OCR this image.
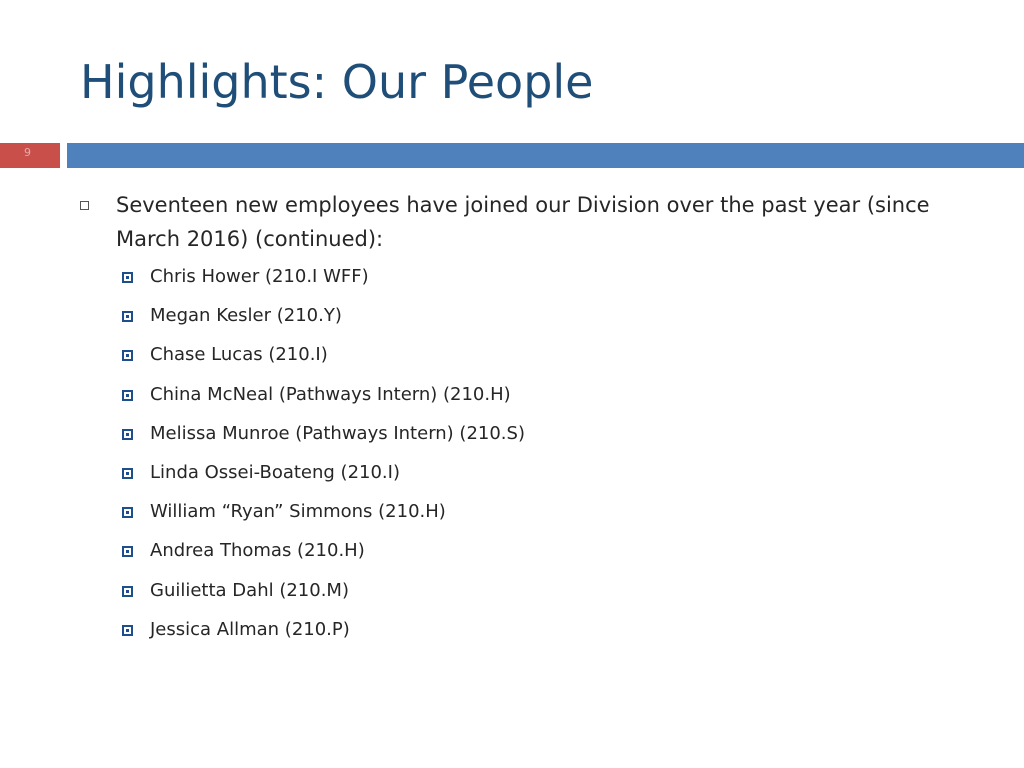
Highlights: Our People
9
Seventeen new employees have joined our Division over the past year (since March 2016) (continued):
Chris Hower (210.I WFF)
Megan Kesler (210.Y)
Chase Lucas (210.I)
China McNeal (Pathways Intern) (210.H)
Melissa Munroe (Pathways Intern) (210.S)
Linda Ossei-Boateng (210.I)
William “Ryan” Simmons (210.H)
Andrea Thomas (210.H)
Guilietta Dahl (210.M)
Jessica Allman (210.P)
